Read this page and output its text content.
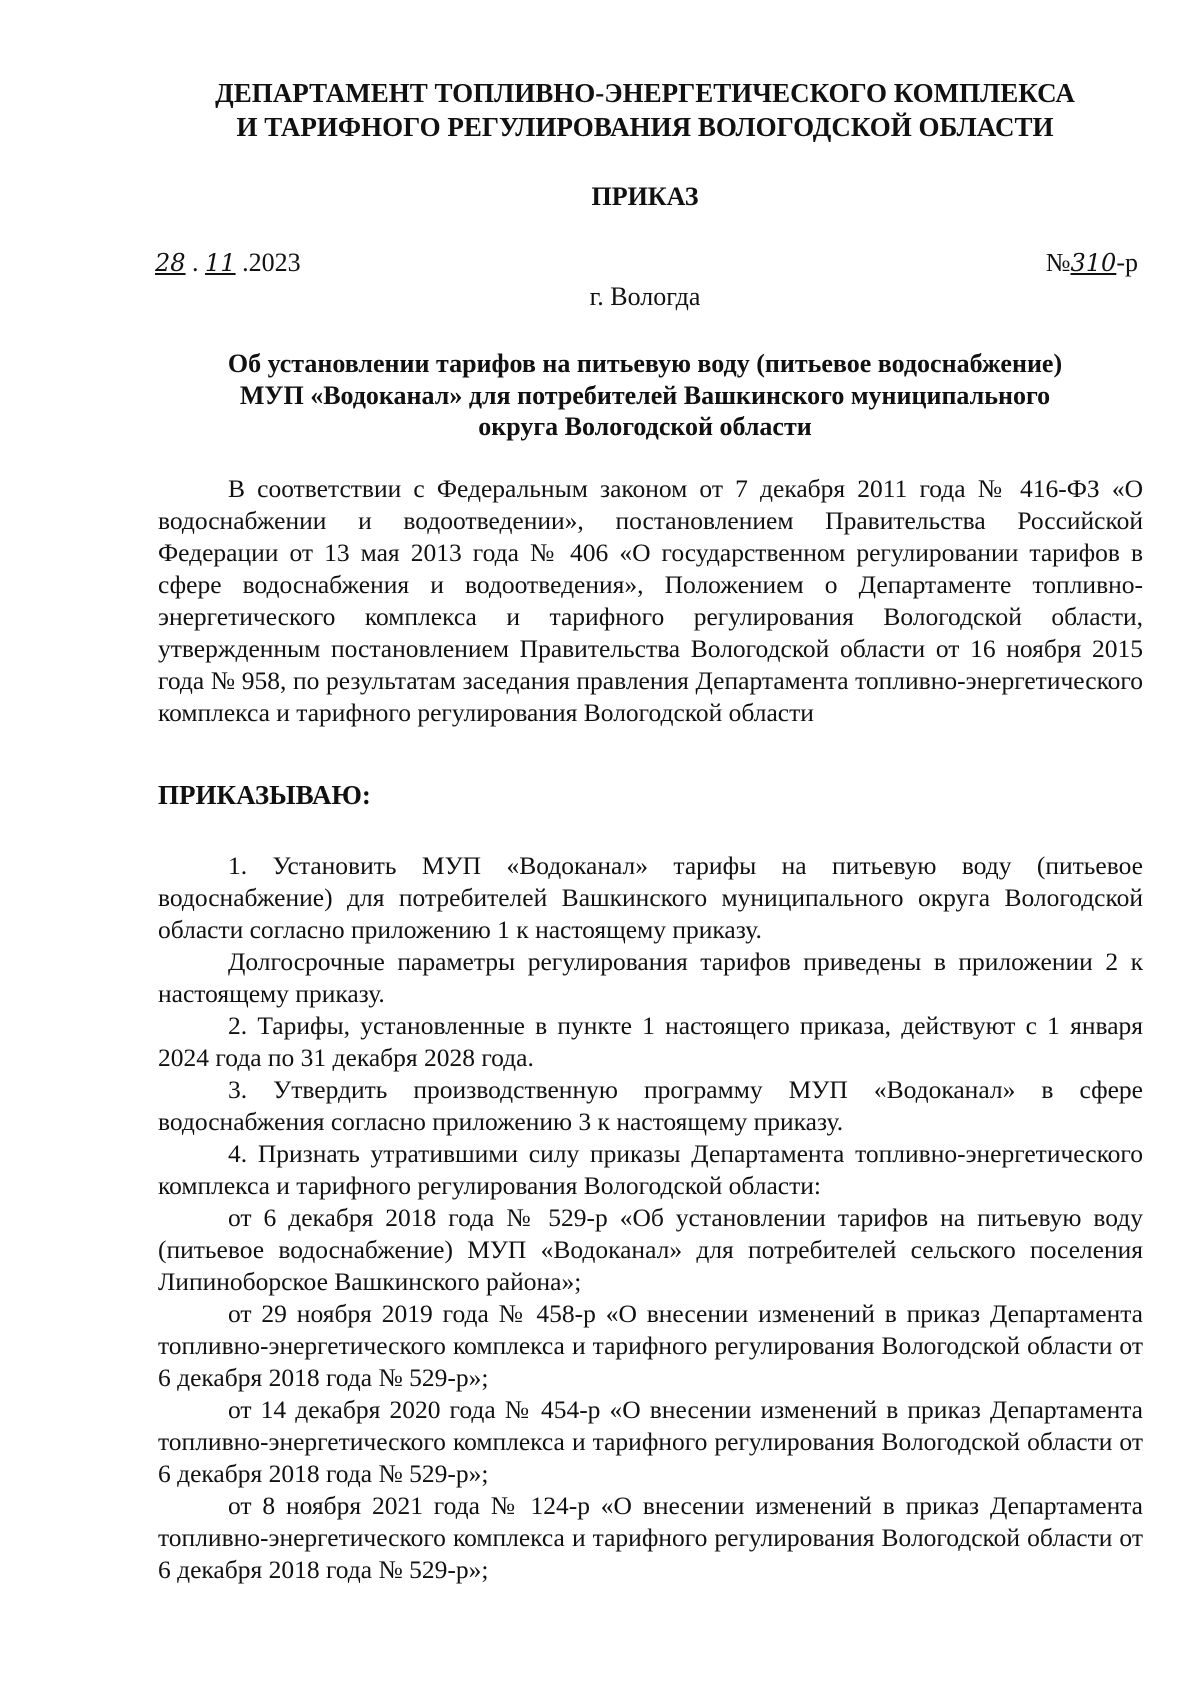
ДЕПАРТАМЕНТ ТОПЛИВНО-ЭНЕРГЕТИЧЕСКОГО КОМПЛЕКСА
И ТАРИФНОГО РЕГУЛИРОВАНИЯ ВОЛОГОДСКОЙ ОБЛАСТИ
ПРИКАЗ
28 . 11 .2023	№310-р
г. Вологда
Об установлении тарифов на питьевую воду (питьевое водоснабжение)
МУП «Водоканал» для потребителей Вашкинского муниципального
округа Вологодской области

В соответствии с Федеральным законом от 7 декабря 2011 года № 416-ФЗ «О водоснабжении и водоотведении», постановлением Правительства Российской Федерации от 13 мая 2013 года № 406 «О государственном регулировании тарифов в сфере водоснабжения и водоотведения», Положением о Департаменте топливно-энергетического комплекса и тарифного регулирования Вологодской области, утвержденным постановлением Правительства Вологодской области от 16 ноября 2015 года № 958, по результатам заседания правления Департамента топливно-энергетического комплекса и тарифного регулирования Вологодской области

ПРИКАЗЫВАЮ:

1. Установить МУП «Водоканал» тарифы на питьевую воду (питьевое водоснабжение) для потребителей Вашкинского муниципального округа Вологодской области согласно приложению 1 к настоящему приказу.

Долгосрочные параметры регулирования тарифов приведены в приложении 2 к настоящему приказу.

2. Тарифы, установленные в пункте 1 настоящего приказа, действуют с 1 января 2024 года по 31 декабря 2028 года.

3. Утвердить производственную программу МУП «Водоканал» в сфере водоснабжения согласно приложению 3 к настоящему приказу.

4. Признать утратившими силу приказы Департамента топливно-энергетического комплекса и тарифного регулирования Вологодской области:

от 6 декабря 2018 года № 529-р «Об установлении тарифов на питьевую воду (питьевое водоснабжение) МУП «Водоканал» для потребителей сельского поселения Липиноборское Вашкинского района»;

от 29 ноября 2019 года № 458-р «О внесении изменений в приказ Департамента топливно-энергетического комплекса и тарифного регулирования Вологодской области от 6 декабря 2018 года № 529-р»;

от 14 декабря 2020 года № 454-р «О внесении изменений в приказ Департамента топливно-энергетического комплекса и тарифного регулирования Вологодской области от 6 декабря 2018 года № 529-р»;

от 8 ноября 2021 года № 124-р «О внесении изменений в приказ Департамента топливно-энергетического комплекса и тарифного регулирования Вологодской области от 6 декабря 2018 года № 529-р»;
